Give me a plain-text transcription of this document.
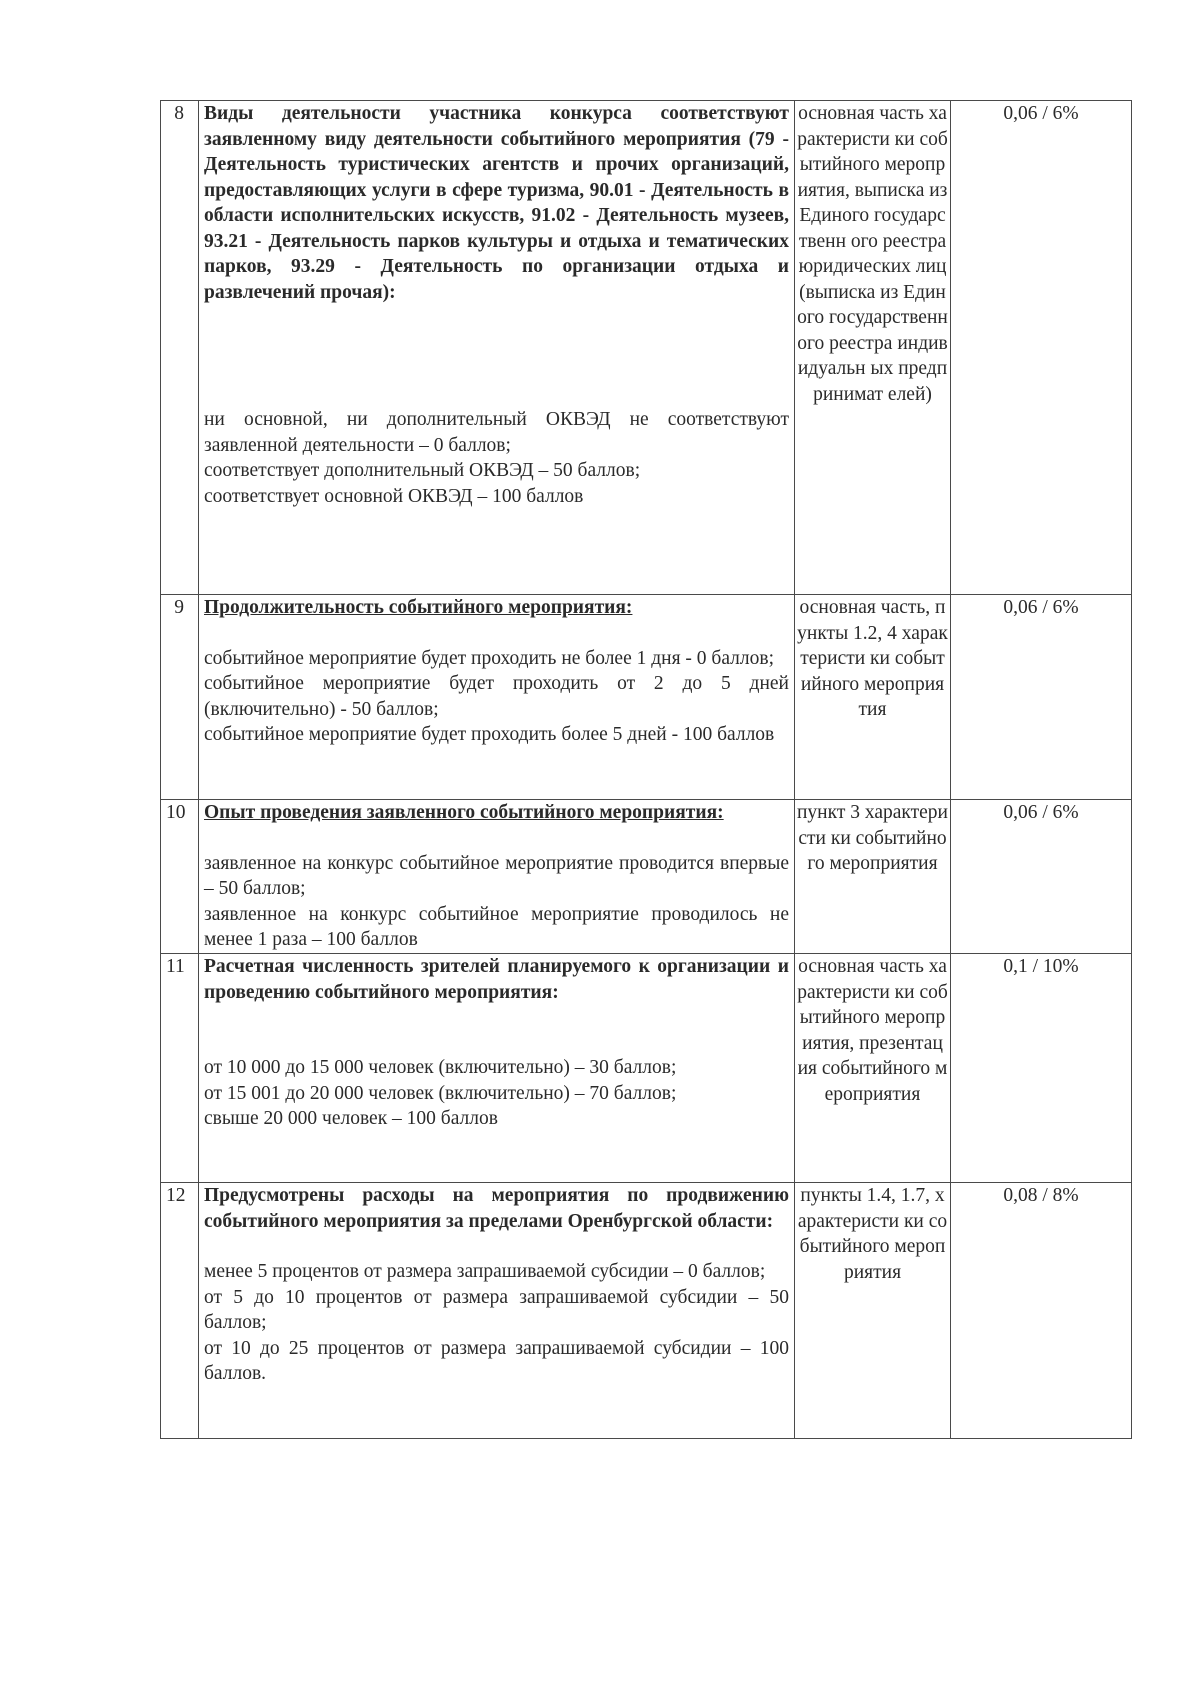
8	Виды деятельности участника конкурса соответствуют заявленному виду деятельности событийного мероприятия (79 - Деятельность туристических агентств и прочих организаций, предоставляющих услуги в сфере туризма, 90.01 - Деятельность в области исполнительских искусств, 91.02 - Деятельность музеев, 93.21 - Деятельность парков культуры и отдыха и тематических парков, 93.29 - Деятельность по организации отдыха и развлечений прочая):
ни основной, ни дополнительный ОКВЭД не соответствуют заявленной деятельности – 0 баллов;
соответствует дополнительный ОКВЭД – 50 баллов;
соответствует основной ОКВЭД – 100 баллов	основная часть характеристи ки событийного мероприятия, выписка из Единого государственн ого реестра юридических лиц (выписка из Единого государственн ого реестра индивидуальн ых предпринимат елей)	0,06 / 6%
9	Продолжительность событийного мероприятия:
событийное мероприятие будет проходить не более 1 дня - 0 баллов;
событийное мероприятие будет проходить от 2 до 5 дней (включительно) - 50 баллов;
событийное мероприятие будет проходить более 5 дней - 100 баллов	основная часть, пункты 1.2, 4 характеристи ки событийного мероприятия	0,06 / 6%
10	Опыт проведения заявленного событийного мероприятия:
заявленное на конкурс событийное мероприятие проводится впервые – 50 баллов;
заявленное на конкурс событийное мероприятие проводилось не менее 1 раза – 100 баллов	пункт 3 характеристи ки событийного мероприятия	0,06 / 6%
11	Расчетная численность зрителей планируемого к организации и проведению событийного мероприятия:
от 10 000 до 15 000 человек (включительно) – 30 баллов;
от 15 001 до 20 000 человек (включительно) – 70 баллов;
свыше 20 000 человек – 100 баллов	основная часть характеристи ки событийного мероприятия, презентация событийного мероприятия	0,1 / 10%
12	Предусмотрены расходы на мероприятия по продвижению событийного мероприятия за пределами Оренбургской области:
менее 5 процентов от размера запрашиваемой субсидии – 0 баллов;
от 5 до 10 процентов от размера запрашиваемой субсидии – 50 баллов;
от 10 до 25 процентов от размера запрашиваемой субсидии – 100 баллов.	пункты 1.4, 1.7, характеристи ки событийного мероприятия	0,08 / 8%
